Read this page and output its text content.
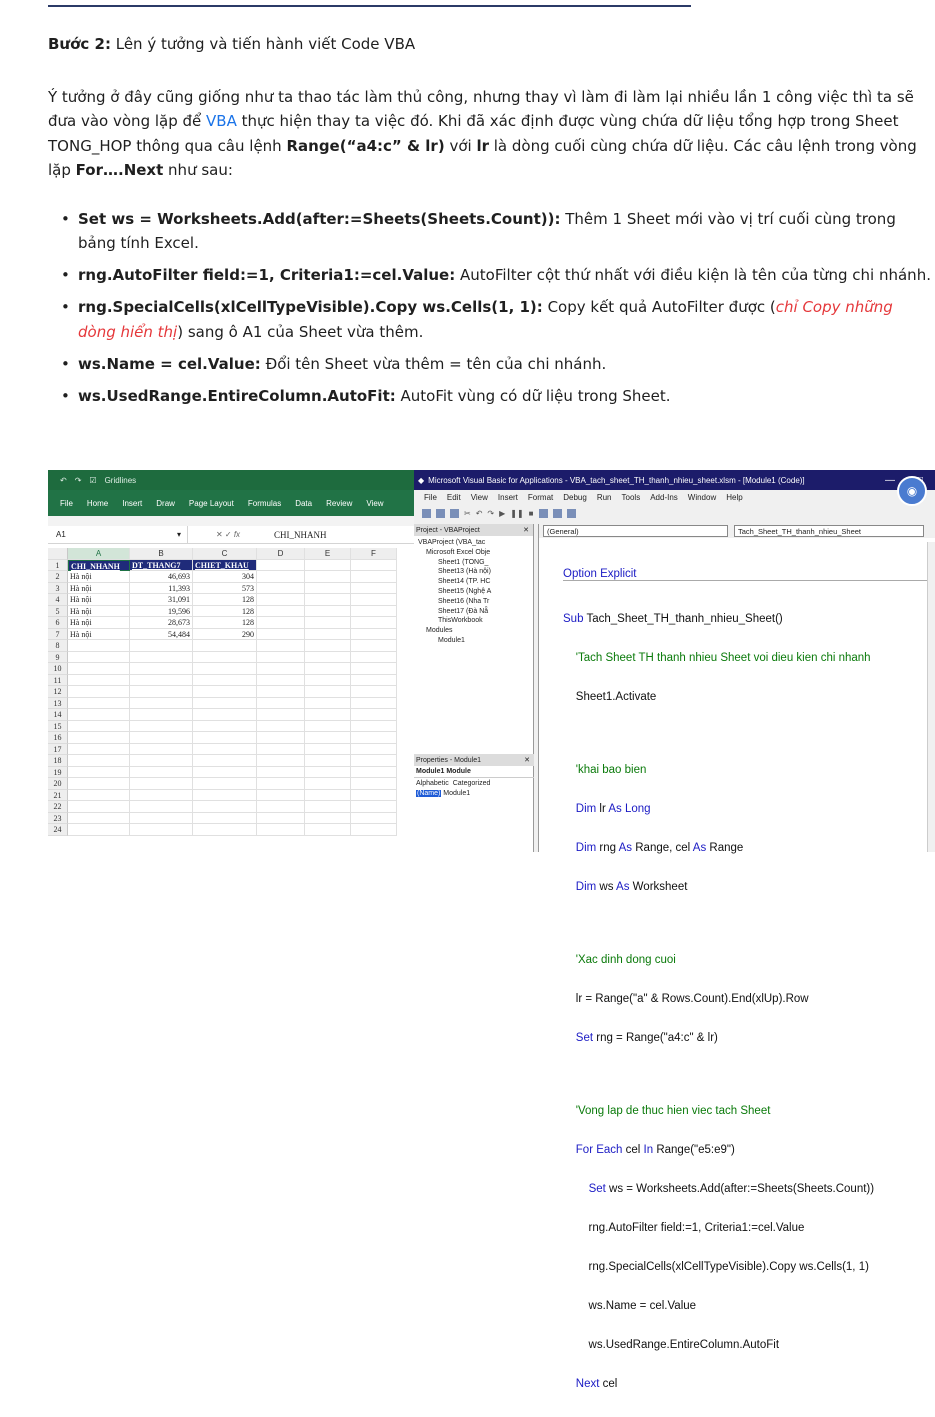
Bước 2: Lên ý tưởng và tiến hành viết Code VBA

Ý tưởng ở đây cũng giống như ta thao tác làm thủ công, nhưng thay vì làm đi làm lại nhiều lần 1 công việc thì ta sẽ đưa vào vòng lặp để VBA thực hiện thay ta việc đó. Khi đã xác định được vùng chứa dữ liệu tổng hợp trong Sheet TONG_HOP thông qua câu lệnh Range(“a4:c” & lr) với lr là dòng cuối cùng chứa dữ liệu. Các câu lệnh trong vòng lặp For….Next như sau:

• Set ws = Worksheets.Add(after:=Sheets(Sheets.Count)): Thêm 1 Sheet mới vào vị trí cuối cùng trong bảng tính Excel.
• rng.AutoFilter field:=1, Criteria1:=cel.Value: AutoFilter cột thứ nhất với điều kiện là tên của từng chi nhánh.
• rng.SpecialCells(xlCellTypeVisible).Copy ws.Cells(1, 1): Copy kết quả AutoFilter được (chỉ Copy những dòng hiển thị) sang ô A1 của Sheet vừa thêm.
• ws.Name = cel.Value: Đổi tên Sheet vừa thêm = tên của chi nhánh.
• ws.UsedRange.EntireColumn.AutoFit: AutoFit vùng có dữ liệu trong Sheet.
↶ ↷ ☑ Gridlines
File Home Insert Draw Page Layout Formulas Data Review View
A1	▾	✕ ✓ fx	CHI_NHANH
A	B	C	D	E	F
1	CHI_NHANH	DT_THANG7	CHIET_KHAU
2	Hà nội	46,693	304
3	Hà nội	11,393	573
4	Hà nội	31,091	128
5	Hà nội	19,596	128
6	Hà nội	28,673	128
7	Hà nội	54,484	290
8
9
10
11
12
13
14
15
16
17
18
19
20
21
22
23
24
◆ Microsoft Visual Basic for Applications - VBA_tach_sheet_TH_thanh_nhieu_sheet.xlsm - [Module1 (Code)]	—
File Edit View Insert Format Debug Run Tools Add-Ins Window Help
✂ ↶ ↷ ▶ ❚❚ ■
Project - VBAProject	✕
VBAProject (VBA_tac
Microsoft Excel Obje
Sheet1 (TONG_
Sheet13 (Hà nội)
Sheet14 (TP. HC
Sheet15 (Nghệ A
Sheet16 (Nha Tr
Sheet17 (Đà Nẵ
ThisWorkbook
Modules
Module1
Properties - Module1	✕
Module1 Module
Alphabetic Categorized
(Name) Module1
(General)	Tach_Sheet_TH_thanh_nhieu_Sheet

Option Explicit

Sub Tach_Sheet_TH_thanh_nhieu_Sheet()

'Tach Sheet TH thanh nhieu Sheet voi dieu kien chi nhanh

Sheet1.Activate

'khai bao bien

Dim lr As Long

Dim rng As Range, cel As Range

Dim ws As Worksheet

'Xac dinh dong cuoi

lr = Range("a" & Rows.Count).End(xlUp).Row

Set rng = Range("a4:c" & lr)

'Vong lap de thuc hien viec tach Sheet

For Each cel In Range("e5:e9")

Set ws = Worksheets.Add(after:=Sheets(Sheets.Count))

rng.AutoFilter field:=1, Criteria1:=cel.Value

rng.SpecialCells(xlCellTypeVisible).Copy ws.Cells(1, 1)

ws.Name = cel.Value

ws.UsedRange.EntireColumn.AutoFit

Next cel

◉
